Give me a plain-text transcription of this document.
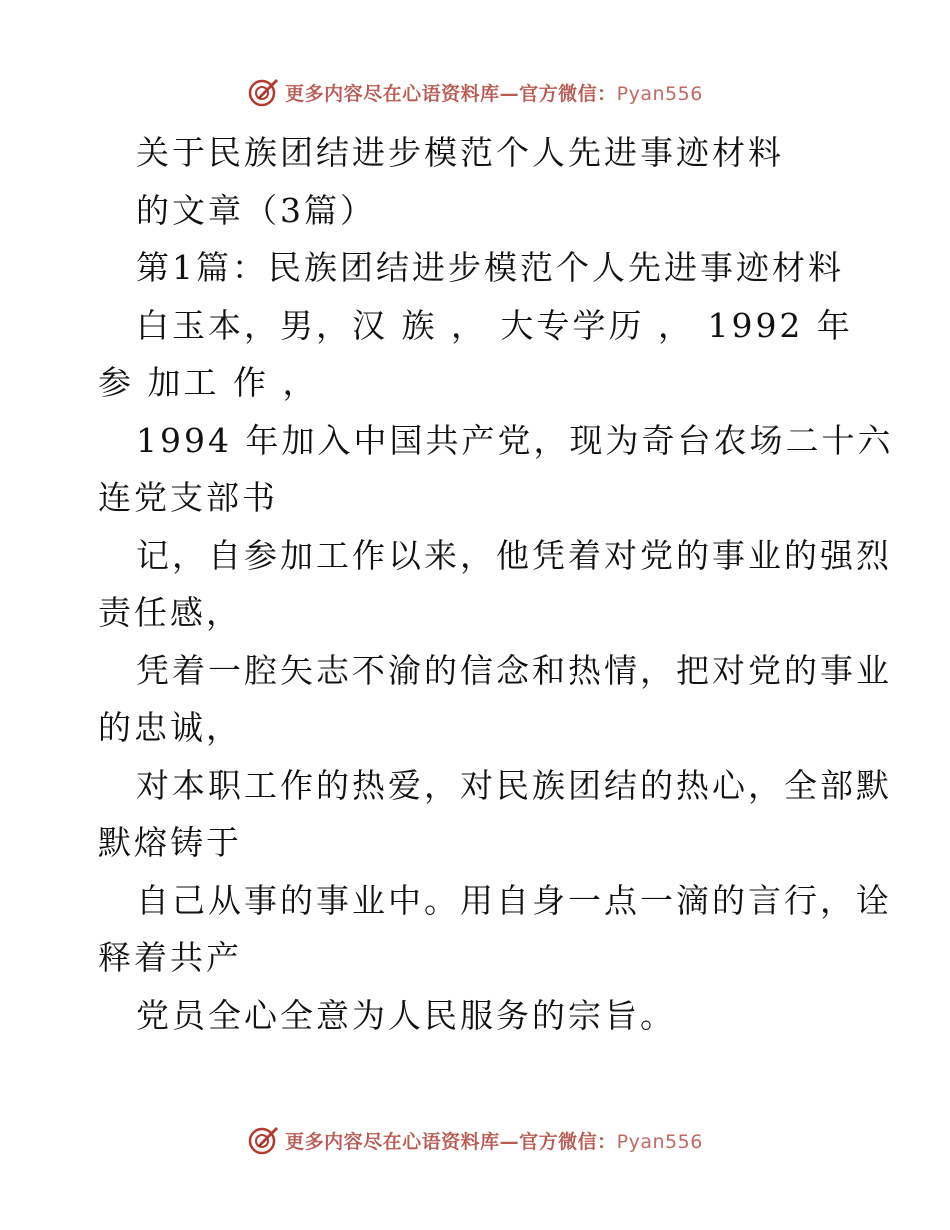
更多内容尽在心语资料库—官方微信：Pyan556
关于民族团结进步模范个人先进事迹材料
的文章（3篇）
第1篇：民族团结进步模范个人先进事迹材料
白玉本，男，汉 族 ， 大专学历 ， 1992 年
参 加工 作 ，
1994 年加入中国共产党，现为奇台农场二十六
连党支部书
记，自参加工作以来，他凭着对党的事业的强烈
责任感，
凭着一腔矢志不渝的信念和热情，把对党的事业
的忠诚，
对本职工作的热爱，对民族团结的热心，全部默
默熔铸于
自己从事的事业中。用自身一点一滴的言行，诠
释着共产
党员全心全意为人民服务的宗旨。
更多内容尽在心语资料库—官方微信：Pyan556
